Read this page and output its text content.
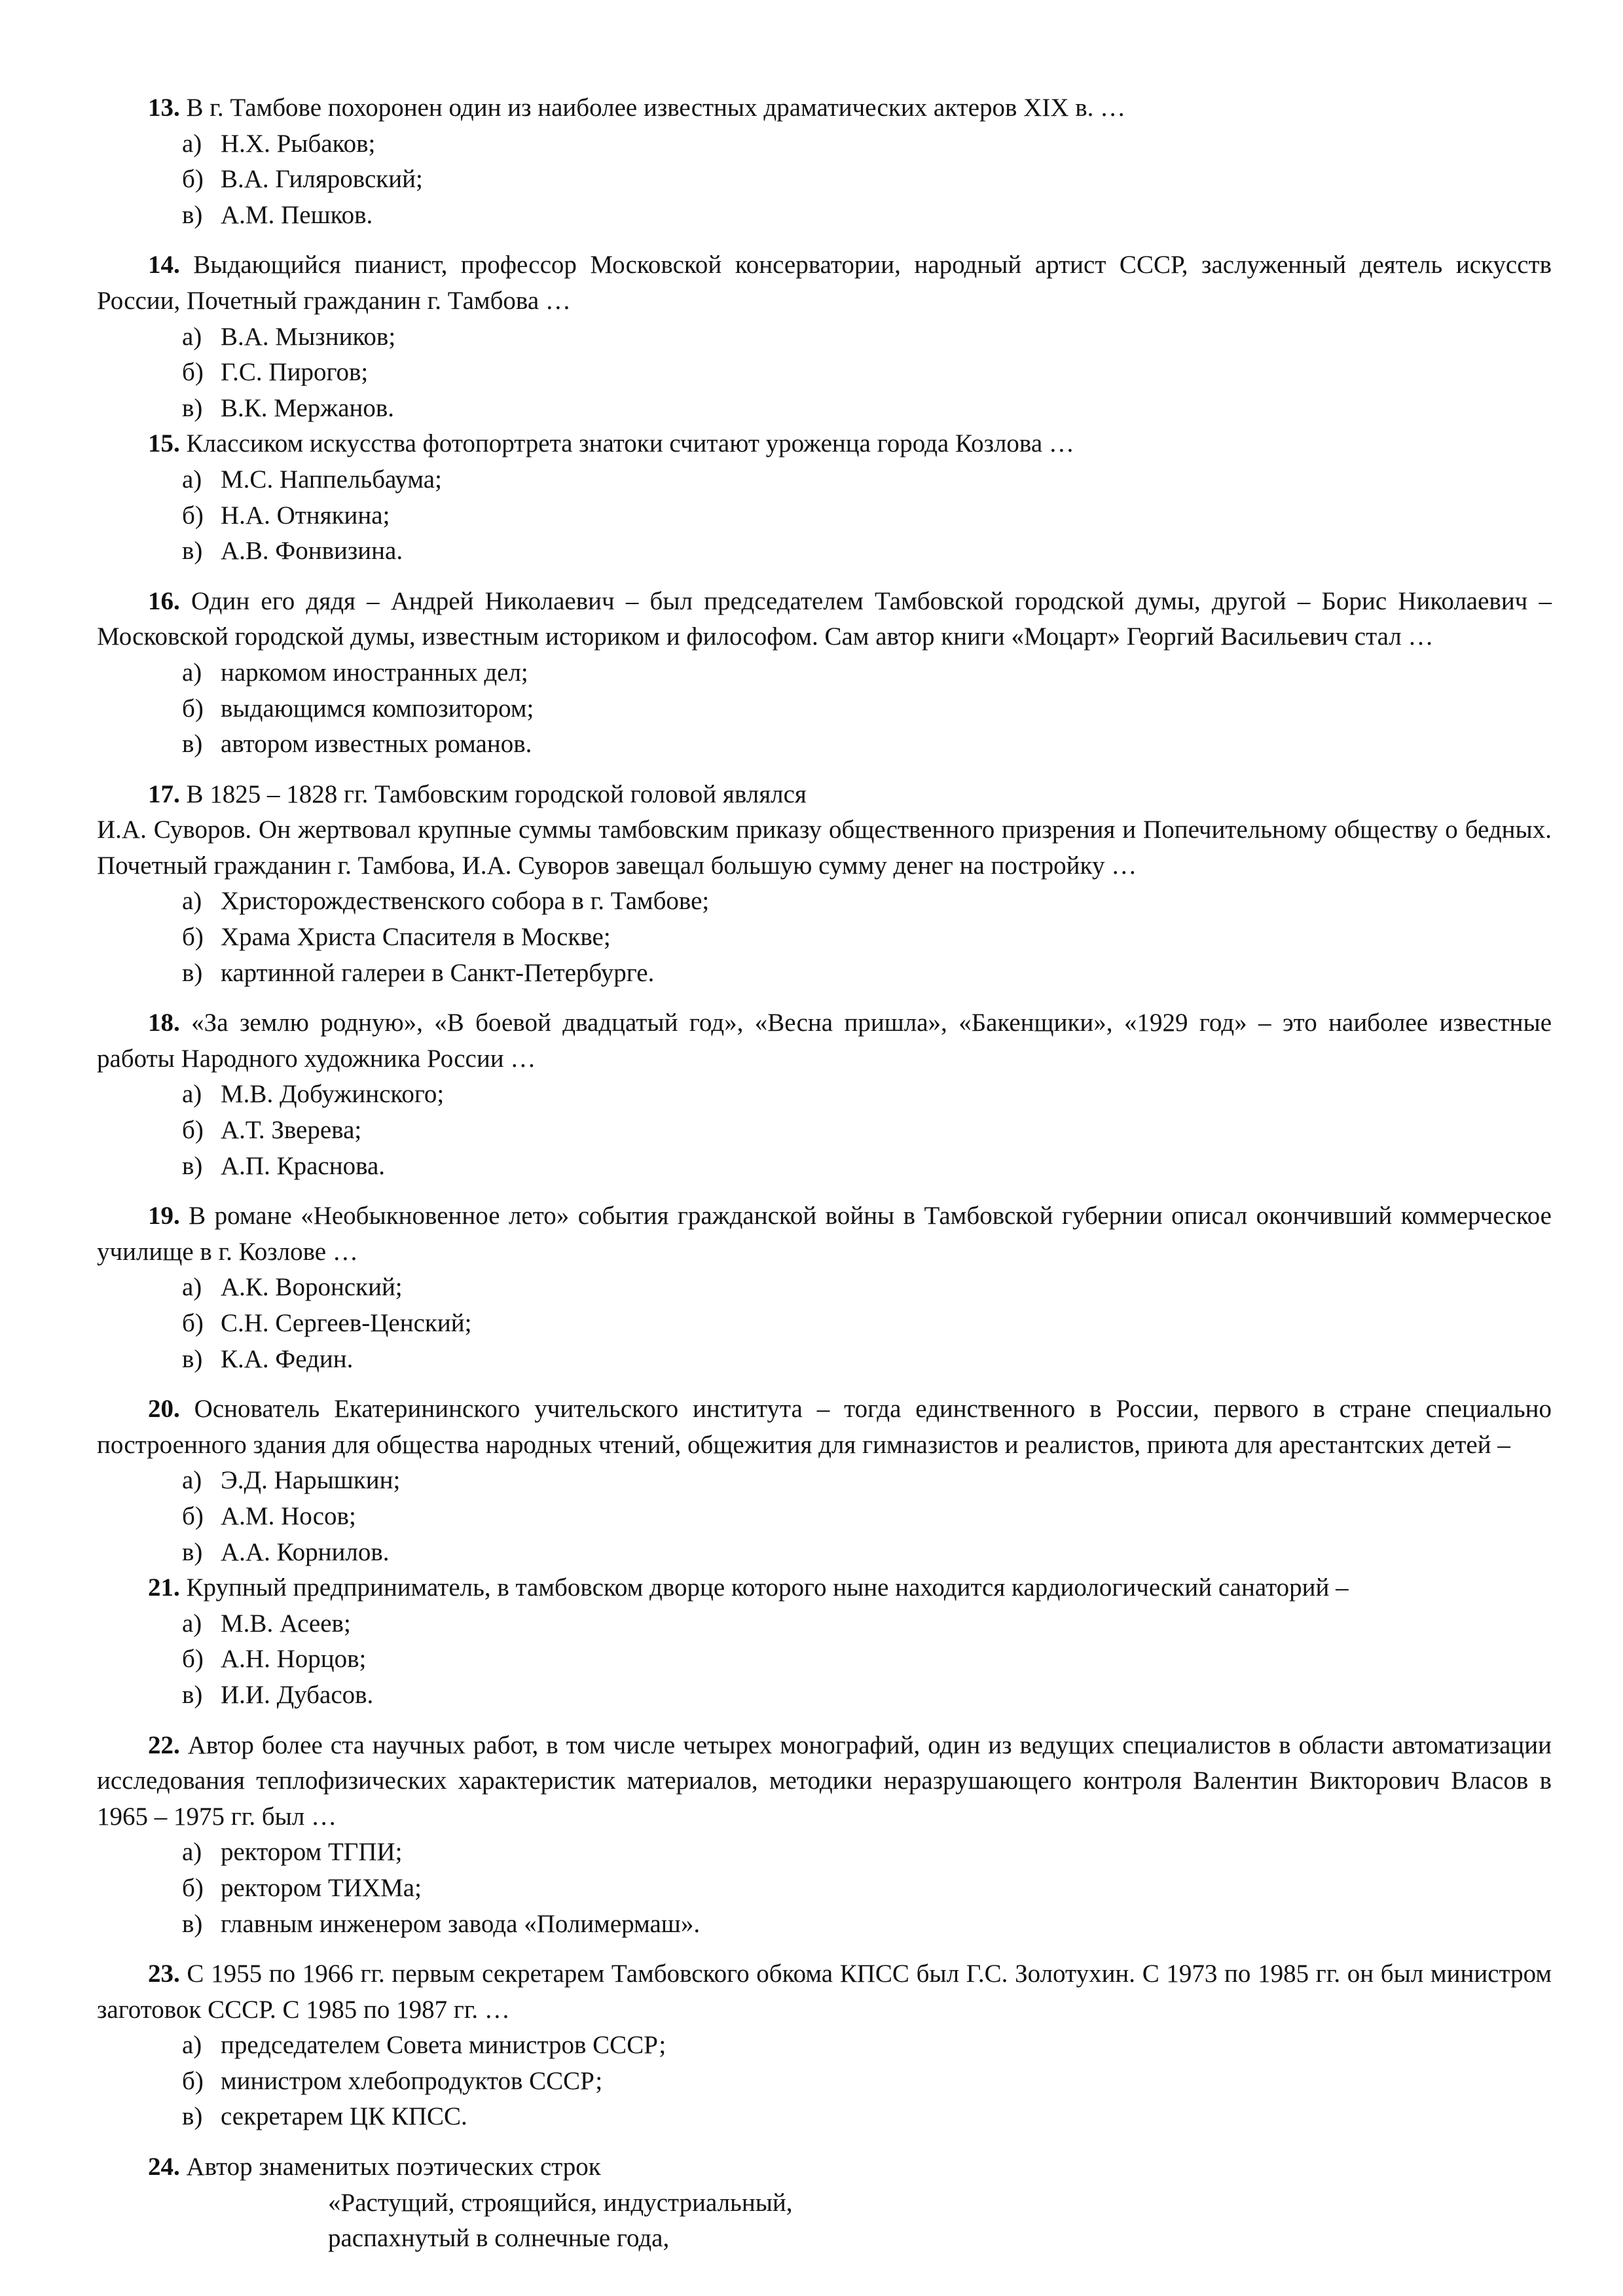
13. В г. Тамбове похоронен один из наиболее известных драматических актеров XIX в. …

а) Н.Х. Рыбаков;
б) В.А. Гиляровский;
в) А.М. Пешков.

14. Выдающийся пианист, профессор Московской консерватории, народный артист СССР, заслуженный деятель искусств России, Почетный гражданин г. Тамбова …

а) В.А. Мызников;
б) Г.С. Пирогов;
в) В.К. Мержанов.

15. Классиком искусства фотопортрета знатоки считают уроженца города Козлова …

а) М.С. Наппельбаума;
б) Н.А. Отнякина;
в) А.В. Фонвизина.

16. Один его дядя – Андрей Николаевич – был председателем Тамбовской городской думы, другой – Борис Николаевич – Московской городской думы, известным историком и философом. Сам автор книги «Моцарт» Георгий Васильевич стал …

а) наркомом иностранных дел;
б) выдающимся композитором;
в) автором известных романов.

17. В 1825 – 1828 гг. Тамбовским городской головой являлся

И.А. Суворов. Он жертвовал крупные суммы тамбовским приказу общественного призрения и Попечительному обществу о бедных. Почетный гражданин г. Тамбова, И.А. Суворов завещал большую сумму денег на постройку …

а) Христорождественского собора в г. Тамбове;
б) Храма Христа Спасителя в Москве;
в) картинной галереи в Санкт-Петербурге.

18. «За землю родную», «В боевой двадцатый год», «Весна пришла», «Бакенщики», «1929 год» – это наиболее известные работы Народного художника России …

а) М.В. Добужинского;
б) А.Т. Зверева;
в) А.П. Краснова.

19. В романе «Необыкновенное лето» события гражданской войны в Тамбовской губернии описал окончивший коммерческое училище в г. Козлове …

а) А.К. Воронский;
б) С.Н. Сергеев-Ценский;
в) К.А. Федин.

20. Основатель Екатерининского учительского института – тогда единственного в России, первого в стране специально построенного здания для общества народных чтений, общежития для гимназистов и реалистов, приюта для арестантских детей –

а) Э.Д. Нарышкин;
б) А.М. Носов;
в) А.А. Корнилов.

21. Крупный предприниматель, в тамбовском дворце которого ныне находится кардиологический санаторий –

а) М.В. Асеев;
б) А.Н. Норцов;
в) И.И. Дубасов.

22. Автор более ста научных работ, в том числе четырех монографий, один из ведущих специалистов в области автоматизации исследования теплофизических характеристик материалов, методики неразрушающего контроля Валентин Викторович Власов в 1965 – 1975 гг. был …

а) ректором ТГПИ;
б) ректором ТИХМа;
в) главным инженером завода «Полимермаш».

23. С 1955 по 1966 гг. первым секретарем Тамбовского обкома КПСС был Г.С. Золотухин. С 1973 по 1985 гг. он был министром заготовок СССР. С 1985 по 1987 гг. …

а) председателем Совета министров СССР;
б) министром хлебопродуктов СССР;
в) секретарем ЦК КПСС.

24. Автор знаменитых поэтических строк

«Растущий, строящийся, индустриальный,

распахнутый в солнечные года,
